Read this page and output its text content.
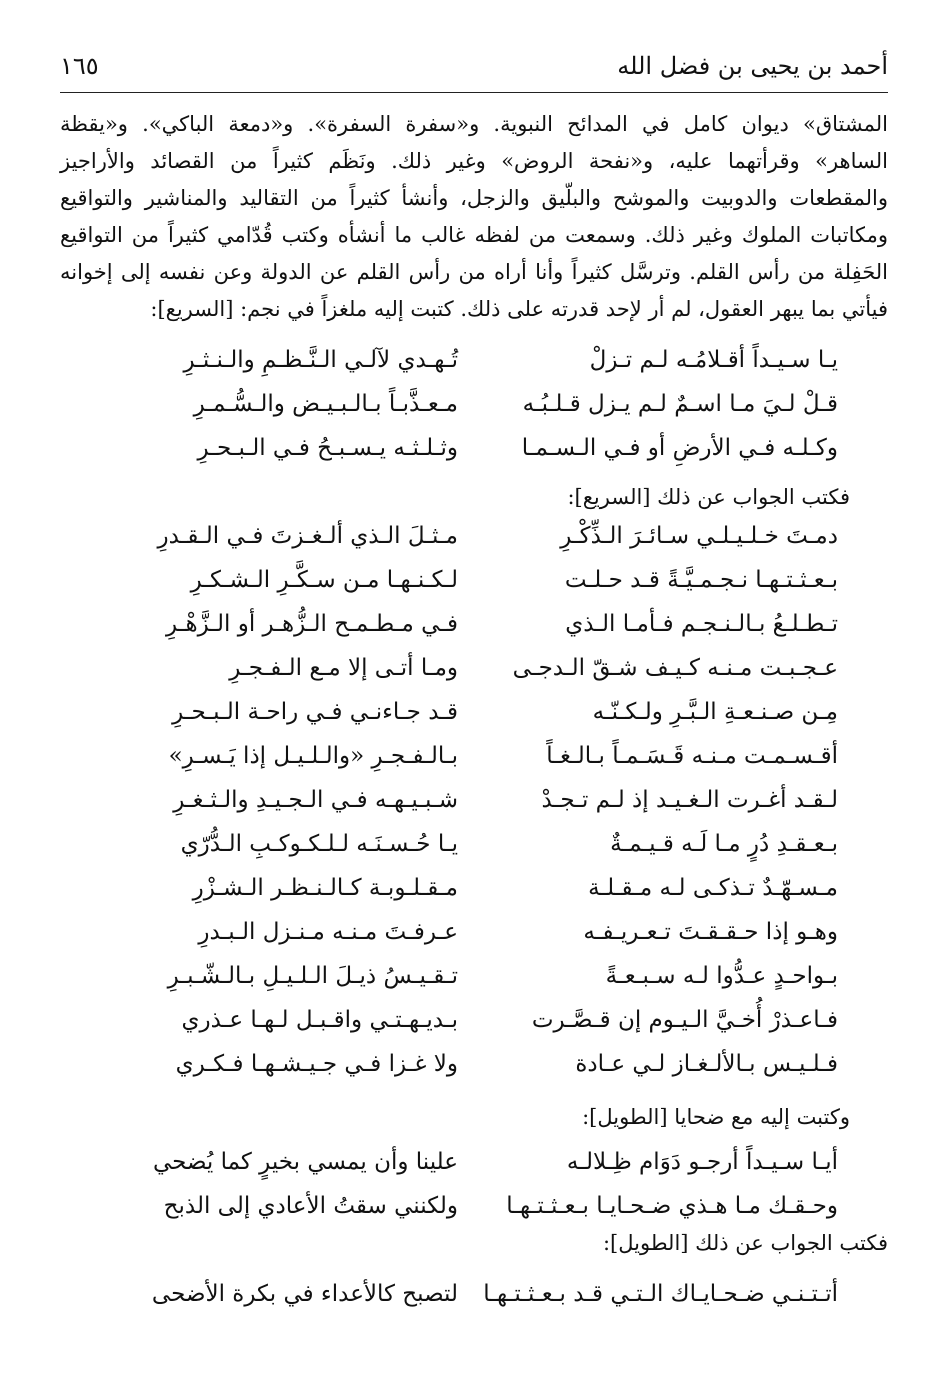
أحمد بن يحيى بن فضل الله
١٦٥

المشتاق» ديوان كامل في المدائح النبوية. و«سفرة السفرة». و«دمعة الباكي». و«يقظة الساهر» وقرأتهما عليه، و«نفحة الروض» وغير ذلك. ونَظَم كثيراً من القصائد والأراجيز والمقطعات والدوبيت والموشح والبلّيق والزجل، وأنشأ كثيراً من التقاليد والمناشير والتواقيع ومكاتبات الملوك وغير ذلك. وسمعت من لفظه غالب ما أنشأه وكتب قُدّامي كثيراً من التواقيع الحَفِلة من رأس القلم. وترسَّل كثيراً وأنا أراه من رأس القلم عن الدولة وعن نفسه إلى إخوانه فيأتي بما يبهر العقول، لم أر لإحد قدرته على ذلك. كتبت إليه ملغزاً في نجم: [السريع]:

يـا سـيـداً أقـلامُـه لـم تـزلْ
تُـهـدي لآلـي الـنَّـظـمِ والـنـثـرِ
قـلْ لـيَ مـا اسـمٌ لـم يـزل قـلـبُـه
مـعـذَّبـاً بـالـبـيـض والـسُّـمـرِ
وكـلـه فـي الأرضِ أو فـي الـسـمـا
وثـلـثـه يـسـبـحُ فـي الـبـحـرِ
فكتب الجواب عن ذلك [السريع]:
دمـتَ خـلـيـلـي سـائـرَ الـذِّكْـرِ
مـثـلَ الـذي ألـغـزتَ فـي الـقـدرِ
بـعـثـتـهـا نـجـمـيَّـةً قـد حـلـت
لـكـنـهـا مـن سـكَّـرِ الـشـكـرِ
تـطـلـعُ بـالـنـجـم فـأمـا الـذي
فـي مـطـمـح الـزُّهـر أو الـزَّهْـرِ
عـجـبـت مـنـه كـيـف شـقّ الـدجـى
ومـا أتـى إلا مـع الـفـجـرِ
مِـن صـنـعـةِ الـبَّـرِ ولـكـنّـه
قـد جـاءنـي فـي راحـة الـبـحـرِ
أقـسـمـت مـنـه قَـسَـمـاً بـالـغـاً
بـالـفـجـرِ «والـلـيـل إذا يَـسـرِ»
لـقـد أغـرت الـغـيـد إذ لـم تـجـدْ
شـبـيـهـه فـي الـجـيـدِ والـثـغـرِ
بـعـقـدِ دُرٍ مـا لَـه قـيـمـةٌ
يـا حُـسـنَـه لـلـكـوكـبِ الـدُّرّي
مـسـهّـدٌ تـذكـى لـه مـقـلـة
مـقـلـوبـة كـالـنـظـر الـشـزْرِ
وهـو إذا حـقـقـتَ تـعـريـفـه
عـرفـتَ مـنـه مـنـزل الـبـدرِ
بـواحـدٍ عـدُّوا لـه سـبـعـةً
تـقـيـسُ ذيـلَ الـلـيـلِ بـالـشّـبـرِ
فـاعـذرْ أُخـيَّ الـيـوم إن قـصَّـرت
بـديـهـتـي واقـبـل لـهـا عـذري
فـلـيـس بـالألـغـاز لـي عـادة
ولا غـزا فـي جـيـشـهـا فـكـري
وكتبت إليه مع ضحايا [الطويل]:
أيـا سـيـداً أرجـو دَوَام ظِـلالـه
علينا وأن يمسي بخيرٍ كما يُضحي
وحـقـك مـا هـذي ضـحـايـا بـعـثـتـهـا
ولكنني سقتُ الأعادي إلى الذبح
فكتب الجواب عن ذلك [الطويل]:
أتـتـنـي ضـحـايـاك الـتـي قـد بـعـثـتـهـا
لتصبح كالأعداء في بكرة الأضحى
